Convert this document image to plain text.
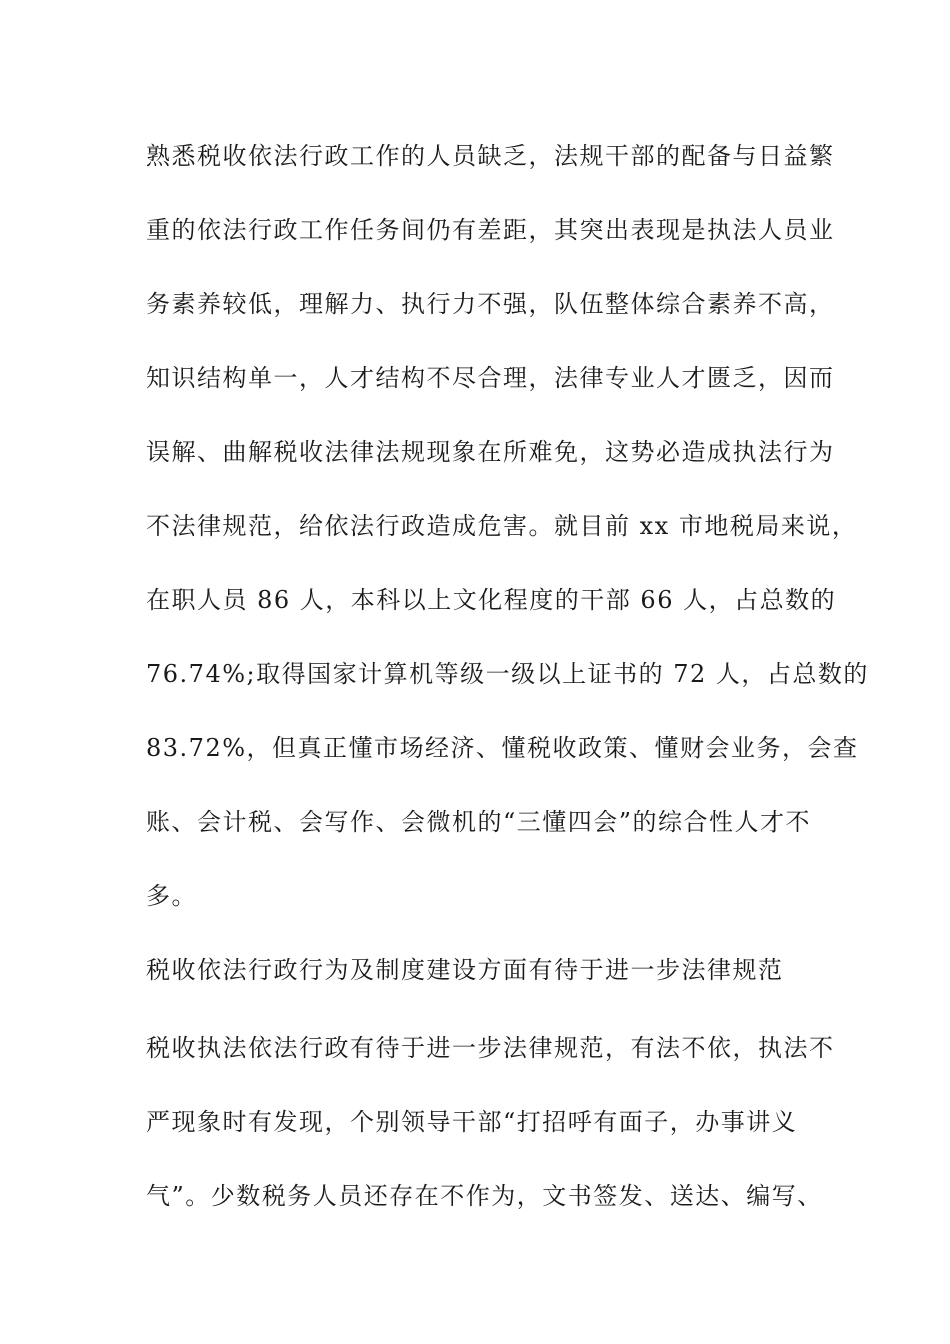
熟悉税收依法行政工作的人员缺乏，法规干部的配备与日益繁
重的依法行政工作任务间仍有差距，其突出表现是执法人员业
务素养较低，理解力、执行力不强，队伍整体综合素养不高，
知识结构单一，人才结构不尽合理，法律专业人才匮乏，因而
误解、曲解税收法律法规现象在所难免，这势必造成执法行为
不法律规范，给依法行政造成危害。就目前 xx 市地税局来说，
在职人员 86 人，本科以上文化程度的干部 66 人，占总数的
76.74%;取得国家计算机等级一级以上证书的 72 人，占总数的
83.72%，但真正懂市场经济、懂税收政策、懂财会业务，会查
账、会计税、会写作、会微机的“三懂四会”的综合性人才不
多。
税收依法行政行为及制度建设方面有待于进一步法律规范
税收执法依法行政有待于进一步法律规范，有法不依，执法不
严现象时有发现，个别领导干部“打招呼有面子，办事讲义
气”。少数税务人员还存在不作为，文书签发、送达、编写、
